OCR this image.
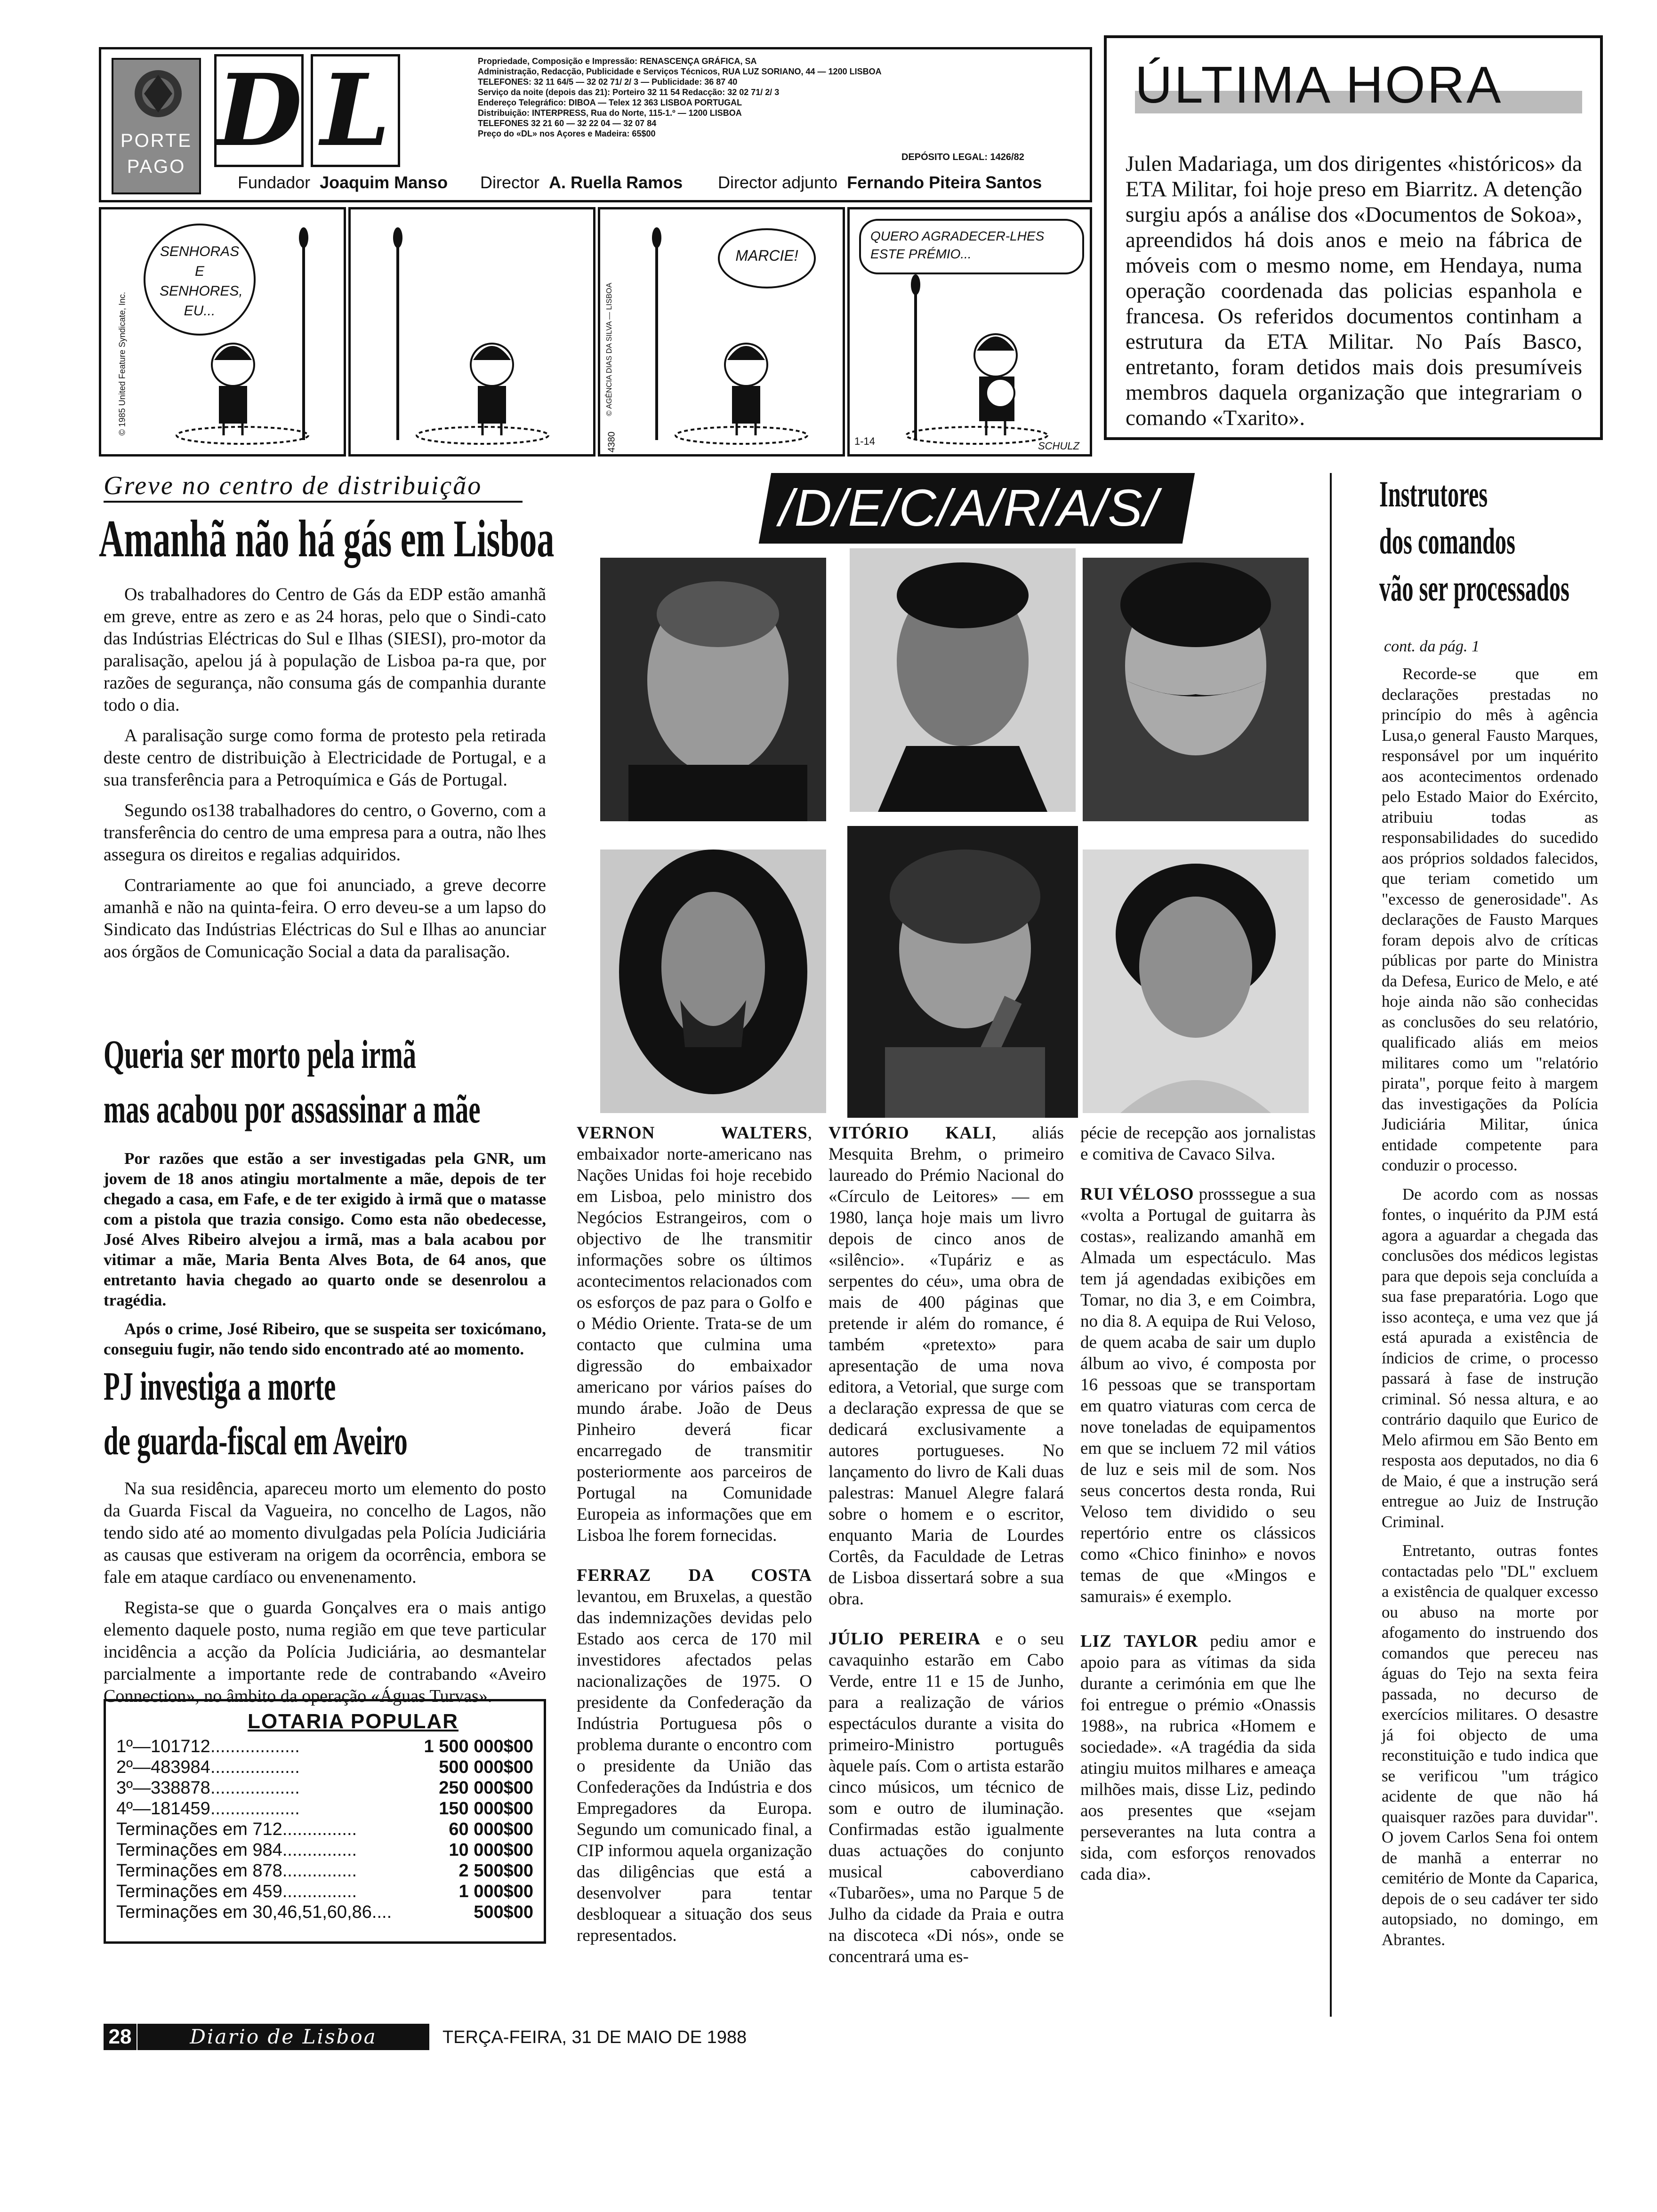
PORTE
PAGO D L	Propriedade, Composição e Impressão: RENASCENÇA GRÁFICA, SA
Administração, Redacção, Publicidade e Serviços Técnicos, RUA LUZ SORIANO, 44 — 1200 LISBOA
TELEFONES: 32 11 64/5 — 32 02 71/ 2/ 3 — Publicidade: 36 87 40
Serviço da noite (depois das 21): Porteiro 32 11 54 Redacção: 32 02 71/ 2/ 3
Endereço Telegráfico: DIBOA — Telex 12 363 LISBOA PORTUGAL
Distribuição: INTERPRESS, Rua do Norte, 115-1.º — 1200 LISBOA
TELEFONES 32 21 60 — 32 22 04 — 32 07 84
Preço do «DL» nos Açores e Madeira: 65$00
DEPÓSITO LEGAL: 1426/82
Fundador Joaquim Manso Director A. Ruella Ramos Director adjunto Fernando Piteira Santos
© 1985 United Feature Syndicate, Inc.
SENHORAS E SENHORES, EU...	© AGÊNCIA DIAS DA SILVA — LISBOA
MARCIE!
4380
QUERO AGRADECER-LHES ESTE PRÉMIO...
1-14	SCHULZ
ÚLTIMA HORA
Julen Madariaga, um dos dirigentes «históricos» da ETA Militar, foi hoje preso em Biarritz. A detenção surgiu após a análise dos «Documentos de Sokoa», apreendidos há dois anos e meio na fábrica de móveis com o mesmo nome, em Hendaya, numa operação coordenada das policias espanhola e francesa. Os referidos documentos continham a estrutura da ETA Militar. No País Basco, entretanto, foram detidos mais dois presumíveis membros daquela organização que integrariam o comando «Txarito».
Greve no centro de distribuição
Amanhã não há gás em Lisboa

Os trabalhadores do Centro de Gás da EDP estão amanhã em greve, entre as zero e as 24 horas, pelo que o Sindi-cato das Indústrias Eléctricas do Sul e Ilhas (SIESI), pro-motor da paralisação, apelou já à população de Lisboa pa-ra que, por razões de segurança, não consuma gás de companhia durante todo o dia.

A paralisação surge como forma de protesto pela retirada deste centro de distribuição à Electricidade de Portugal, e a sua transferência para a Petroquímica e Gás de Portugal.

Segundo os138 trabalhadores do centro, o Governo, com a transferência do centro de uma empresa para a outra, não lhes assegura os direitos e regalias adquiridos.

Contrariamente ao que foi anunciado, a greve decorre amanhã e não na quinta-feira. O erro deveu-se a um lapso do Sindicato das Indústrias Eléctricas do Sul e Ilhas ao anunciar aos órgãos de Comunicação Social a data da paralisação.

Queria ser morto pela irmã
mas acabou por assassinar a mãe

Por razões que estão a ser investigadas pela GNR, um jovem de 18 anos atingiu mortalmente a mãe, depois de ter chegado a casa, em Fafe, e de ter exigido à irmã que o matasse com a pistola que trazia consigo. Como esta não obedecesse, José Alves Ribeiro alvejou a irmã, mas a bala acabou por vitimar a mãe, Maria Benta Alves Bota, de 64 anos, que entretanto havia chegado ao quarto onde se desenrolou a tragédia.

Após o crime, José Ribeiro, que se suspeita ser toxicómano, conseguiu fugir, não tendo sido encontrado até ao momento.

PJ investiga a morte
de guarda-fiscal em Aveiro

Na sua residência, apareceu morto um elemento do posto da Guarda Fiscal da Vagueira, no concelho de Lagos, não tendo sido até ao momento divulgadas pela Polícia Judiciária as causas que estiveram na origem da ocorrência, embora se fale em ataque cardíaco ou envenenamento.

Regista-se que o guarda Gonçalves era o mais antigo elemento daquele posto, numa região em que teve particular incidência a acção da Polícia Judiciária, ao desmantelar parcialmente a importante rede de contrabando «Aveiro Connection», no âmbito da operação «Águas Turvas».

LOTARIA POPULAR
1º—101712..................	1 500 000$00
2º—483984..................	500 000$00
3º—338878..................	250 000$00
4º—181459..................	150 000$00
Terminações em 712...............	60 000$00
Terminações em 984...............	10 000$00
Terminações em 878...............	2 500$00
Terminações em 459...............	1 000$00
Terminações em 30,46,51,60,86....	500$00
/D/E/C/A/R/A/S/

VERNON WALTERS, embaixador norte-americano nas Nações Unidas foi hoje recebido em Lisboa, pelo ministro dos Negócios Estrangeiros, com o objectivo de lhe transmitir informações sobre os últimos acontecimentos relacionados com os esforços de paz para o Golfo e o Médio Oriente. Trata-se de um contacto que culmina uma digressão do embaixador americano por vários países do mundo árabe. João de Deus Pinheiro deverá ficar encarregado de transmitir posteriormente aos parceiros de Portugal na Comunidade Europeia as informações que em Lisboa lhe forem fornecidas.

FERRAZ DA COSTA levantou, em Bruxelas, a questão das indemnizações devidas pelo Estado aos cerca de 170 mil investidores afectados pelas nacionalizações de 1975. O presidente da Confederação da Indústria Portuguesa pôs o problema durante o encontro com o presidente da União das Confederações da Indústria e dos Empregadores da Europa. Segundo um comunicado final, a CIP informou aquela organização das diligências que está a desenvolver para tentar desbloquear a situação dos seus representados.

VITÓRIO KALI, aliás Mesquita Brehm, o primeiro laureado do Prémio Nacional do «Círculo de Leitores» — em 1980, lança hoje mais um livro depois de cinco anos de «silêncio». «Tupáriz e as serpentes do céu», uma obra de mais de 400 páginas que pretende ir além do romance, é também «pretexto» para apresentação de uma nova editora, a Vetorial, que surge com a declaração expressa de que se dedicará exclusivamente a autores portugueses. No lançamento do livro de Kali duas palestras: Manuel Alegre falará sobre o homem e o escritor, enquanto Maria de Lourdes Cortês, da Faculdade de Letras de Lisboa dissertará sobre a sua obra.

JÚLIO PEREIRA e o seu cavaquinho estarão em Cabo Verde, entre 11 e 15 de Junho, para a realização de vários espectáculos durante a visita do primeiro-Ministro português àquele país. Com o artista estarão cinco músicos, um técnico de som e outro de iluminação. Confirmadas estão igualmente duas actuações do conjunto musical caboverdiano «Tubarões», uma no Parque 5 de Julho da cidade da Praia e outra na discoteca «Di nós», onde se concentrará uma es-

pécie de recepção aos jornalistas e comitiva de Cavaco Silva.

RUI VÉLOSO prosssegue a sua «volta a Portugal de guitarra às costas», realizando amanhã em Almada um espectáculo. Mas tem já agendadas exibições em Tomar, no dia 3, e em Coimbra, no dia 8. A equipa de Rui Veloso, de quem acaba de sair um duplo álbum ao vivo, é composta por 16 pessoas que se transportam em quatro viaturas com cerca de nove toneladas de equipamentos em que se incluem 72 mil vátios de luz e seis mil de som. Nos seus concertos desta ronda, Rui Veloso tem dividido o seu repertório entre os clássicos como «Chico fininho» e novos temas de que «Mingos e samurais» é exemplo.

LIZ TAYLOR pediu amor e apoio para as vítimas da sida durante a cerimónia em que lhe foi entregue o prémio «Onassis 1988», na rubrica «Homem e sociedade». «A tragédia da sida atingiu muitos milhares e ameaça milhões mais, disse Liz, pedindo aos presentes que «sejam perseverantes na luta contra a sida, com esforços renovados cada dia».

Instrutores
dos comandos
vão ser processados
cont. da pág. 1

Recorde-se que em declarações prestadas no princípio do mês à agência Lusa,o general Fausto Marques, responsável por um inquérito aos acontecimentos ordenado pelo Estado Maior do Exército, atribuiu todas as responsabilidades do sucedido aos próprios soldados falecidos, que teriam cometido um "excesso de generosidade". As declarações de Fausto Marques foram depois alvo de críticas públicas por parte do Ministra da Defesa, Eurico de Melo, e até hoje ainda não são conhecidas as conclusões do seu relatório, qualificado aliás em meios militares como um "relatório pirata", porque feito à margem das investigações da Polícia Judiciária Militar, única entidade competente para conduzir o processo.

De acordo com as nossas fontes, o inquérito da PJM está agora a aguardar a chegada das conclusões dos médicos legistas para que depois seja concluída a sua fase preparatória. Logo que isso aconteça, e uma vez que já está apurada a existência de índicios de crime, o processo passará à fase de instrução criminal. Só nessa altura, e ao contrário daquilo que Eurico de Melo afirmou em São Bento em resposta aos deputados, no dia 6 de Maio, é que a instrução será entregue ao Juiz de Instrução Criminal.

Entretanto, outras fontes contactadas pelo "DL" excluem a existência de qualquer excesso ou abuso na morte por afogamento do instruendo dos comandos que pereceu nas águas do Tejo na sexta feira passada, no decurso de exercícios militares. O desastre já foi objecto de uma reconstituição e tudo indica que se verificou "um trágico acidente de que não há quaisquer razões para duvidar". O jovem Carlos Sena foi ontem de manhã a enterrar no cemitério de Monte da Caparica, depois de o seu cadáver ter sido autopsiado, no domingo, em Abrantes.

28	Diario de Lisboa	TERÇA-FEIRA, 31 DE MAIO DE 1988
